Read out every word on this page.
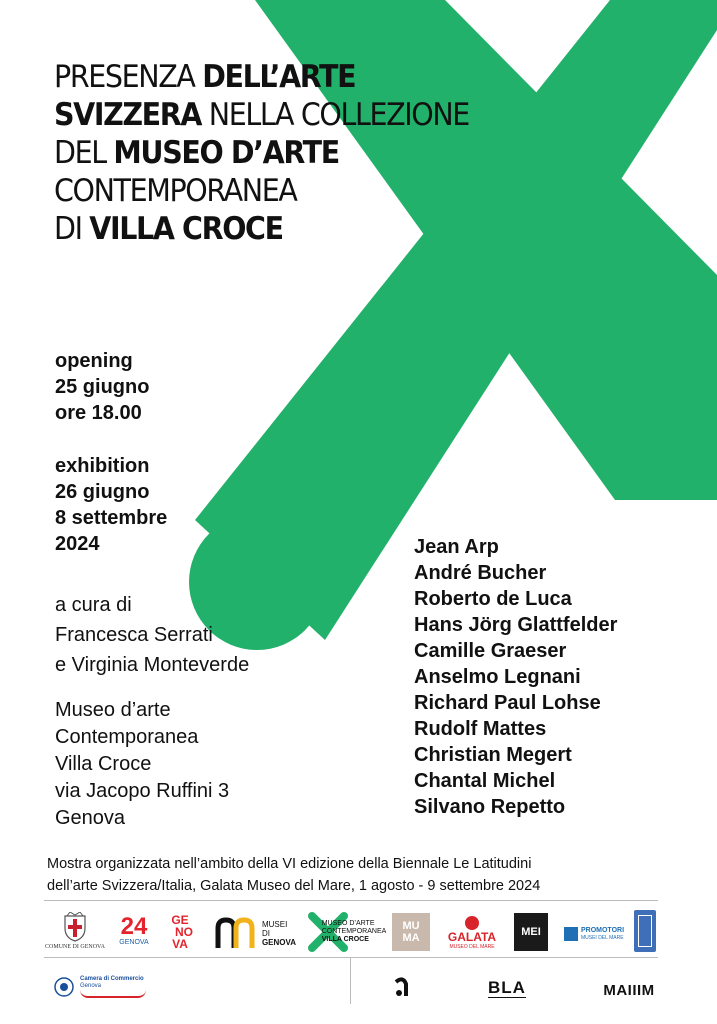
PRESENZA DELL’ARTE
SVIZZERA NELLA COLLEZIONE
DEL MUSEO D’ARTE
CONTEMPORANEA
DI VILLA CROCE
opening
25 giugno
ore 18.00
exhibition
26 giugno
8 settembre
2024
a cura di
Francesca Serrati
e Virginia Monteverde
Museo d’arte
Contemporanea
Villa Croce
via Jacopo Ruffini 3
Genova
Jean Arp
André Bucher
Roberto de Luca
Hans Jörg Glattfelder
Camille Graeser
Anselmo Legnani
Richard Paul Lohse
Rudolf Mattes
Christian Megert
Chantal Michel
Silvano Repetto
Mostra organizzata nell’ambito della VI edizione della Biennale Le Latitudini
dell’arte Svizzera/Italia, Galata Museo del Mare, 1 agosto - 9 settembre 2024
COMUNE DI GENOVA
24
GENOVA
GE
NO
VA
MUSEI
DI
GENOVA
MUSEO D’ARTE
CONTEMPORANEA
VILLA CROCE
MUMA GALATA
MUSEO DEL MARE
MEI	PROMOTORI
MUSEI DEL MARE
Camera di Commercio
Genova	BLA	MAIIIM
